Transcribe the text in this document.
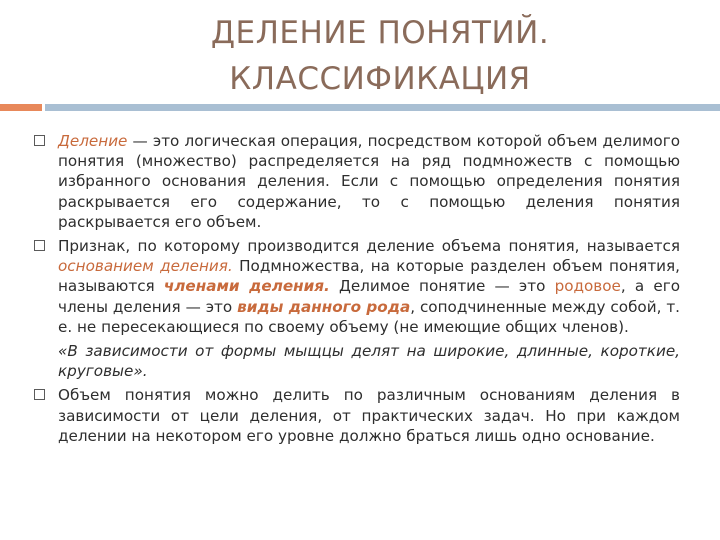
ДЕЛЕНИЕ ПОНЯТИЙ.
КЛАССИФИКАЦИЯ

Деление — это логическая операция, посредством которой объем делимого понятия (множество) распределяется на ряд подмножеств с помощью избранного основания деления. Если с помощью определения понятия раскрывается его содержание, то с помощью деления понятия раскрывается его объем.

Признак, по которому производится деление объема понятия, называется основанием деления. Подмножества, на которые разделен объем понятия, называются членами деления. Делимое понятие — это родовое, а его члены деления — это виды данного рода, соподчиненные между собой, т. е. не пересекающиеся по своему объему (не имеющие общих членов).

«В зависимости от формы мыщцы делят на широкие, длинные, короткие, круговые».

Объем понятия можно делить по различным основаниям деления в зависимости от цели деления, от практических задач. Но при каждом делении на некотором его уровне должно браться лишь одно основание.
